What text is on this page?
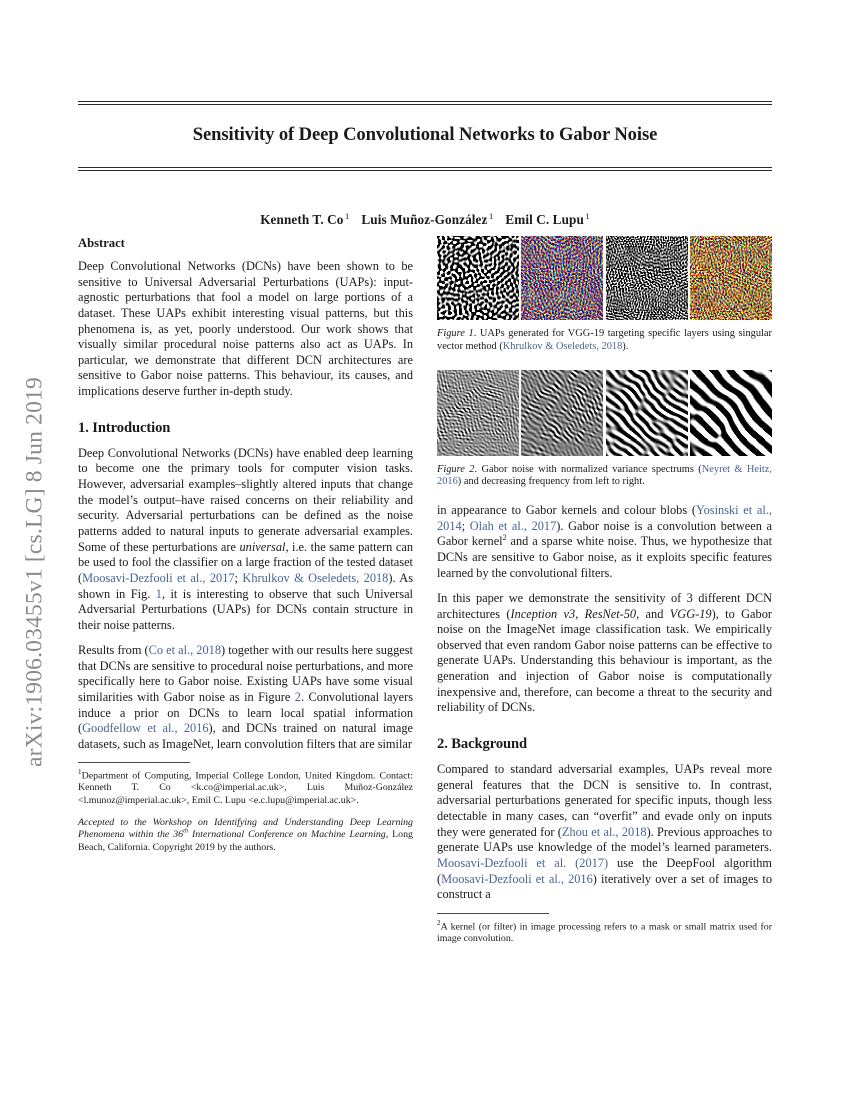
arXiv:1906.03455v1 [cs.LG] 8 Jun 2019
Sensitivity of Deep Convolutional Networks to Gabor Noise
Kenneth T. Co $^1$ Luis Muñoz-González $^1$ Emil C. Lupu $^1$
Abstract

Deep Convolutional Networks (DCNs) have been shown to be sensitive to Universal Adversarial Perturbations (UAPs): input-agnostic perturbations that fool a model on large portions of a dataset. These UAPs exhibit interesting visual patterns, but this phenomena is, as yet, poorly understood. Our work shows that visually similar procedural noise patterns also act as UAPs. In particular, we demonstrate that different DCN architectures are sensitive to Gabor noise patterns. This behaviour, its causes, and implications deserve further in-depth study.

1. Introduction

Deep Convolutional Networks (DCNs) have enabled deep learning to become one the primary tools for computer vision tasks. However, adversarial examples–slightly altered inputs that change the model’s output–have raised concerns on their reliability and security. Adversarial perturbations can be defined as the noise patterns added to natural inputs to generate adversarial examples. Some of these perturbations are universal, i.e. the same pattern can be used to fool the classifier on a large fraction of the tested dataset (Moosavi-Dezfooli et al., 2017; Khrulkov & Oseledets, 2018). As shown in Fig. 1, it is interesting to observe that such Universal Adversarial Perturbations (UAPs) for DCNs contain structure in their noise patterns.

Results from (Co et al., 2018) together with our results here suggest that DCNs are sensitive to procedural noise perturbations, and more specifically here to Gabor noise. Existing UAPs have some visual similarities with Gabor noise as in Figure 2. Convolutional layers induce a prior on DCNs to learn local spatial information (Goodfellow et al., 2016), and DCNs trained on natural image datasets, such as ImageNet, learn convolution filters that are similar

$^1$Department of Computing, Imperial College London, United Kingdom. Contact: Kenneth T. Co <k.co@imperial.ac.uk>, Luis Muñoz-González <l.munoz@imperial.ac.uk>, Emil C. Lupu <e.c.lupu@imperial.ac.uk>.

Accepted to the Workshop on Identifying and Understanding Deep Learning Phenomena within the 36th International Conference on Machine Learning, Long Beach, California. Copyright 2019 by the authors.

Figure 1. UAPs generated for VGG-19 targeting specific layers using singular vector method (Khrulkov & Oseledets, 2018).
Figure 2. Gabor noise with normalized variance spectrums (Neyret & Heitz, 2016) and decreasing frequency from left to right.

in appearance to Gabor kernels and colour blobs (Yosinski et al., 2014; Olah et al., 2017). Gabor noise is a convolution between a Gabor kernel$^2$ and a sparse white noise. Thus, we hypothesize that DCNs are sensitive to Gabor noise, as it exploits specific features learned by the convolutional filters.

In this paper we demonstrate the sensitivity of 3 different DCN architectures (Inception v3, ResNet-50, and VGG-19), to Gabor noise on the ImageNet image classification task. We empirically observed that even random Gabor noise patterns can be effective to generate UAPs. Understanding this behaviour is important, as the generation and injection of Gabor noise is computationally inexpensive and, therefore, can become a threat to the security and reliability of DCNs.

2. Background

Compared to standard adversarial examples, UAPs reveal more general features that the DCN is sensitive to. In contrast, adversarial perturbations generated for specific inputs, though less detectable in many cases, can “overfit” and evade only on inputs they were generated for (Zhou et al., 2018). Previous approaches to generate UAPs use knowledge of the model’s learned parameters. Moosavi-Dezfooli et al. (2017) use the DeepFool algorithm (Moosavi-Dezfooli et al., 2016) iteratively over a set of images to construct a

$^2$A kernel (or filter) in image processing refers to a mask or small matrix used for image convolution.
